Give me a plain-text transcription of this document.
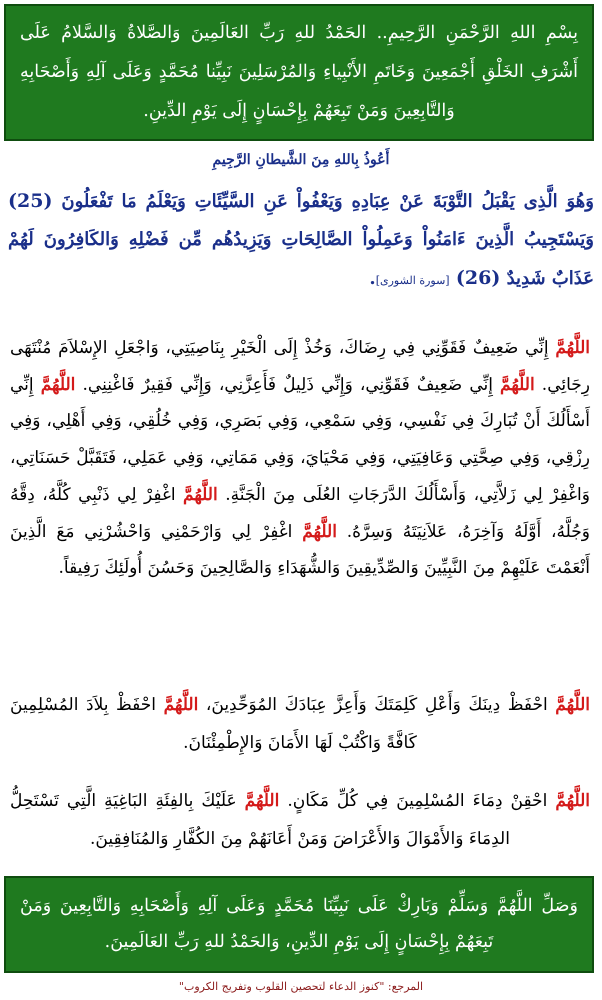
بِسْمِ اللهِ الرَّحْمَنِ الرَّحِيمِ.. الحَمْدُ للهِ رَبِّ العَالَمِينَ وَالصَّلاةُ وَالسَّلامُ عَلَى أَشْرَفِ الخَلْقِ أَجْمَعِينَ وَخَاتَمِ الأَنْبِياءِ وَالمُرْسَلِينَ نَبِيِّنا مُحَمَّدٍ وَعَلَى آلِهِ وَأَصْحَابِهِ وَالتَّابِعِينَ وَمَنْ تَبِعَهُمْ بِإِحْسَانٍ إِلَى يَوْمِ الدِّينِ.
أَعُوذُ بِاللهِ مِنَ الشَّيطانِ الرَّجِيمِ
وَهُوَ الَّذِى يَقْبَلُ التَّوْبَةَ عَنْ عِبَادِهِ وَيَعْفُواْ عَنِ السَّيِّئَاتِ وَيَعْلَمُ مَا تَفْعَلُونَ (25) وَيَسْتَجِيبُ الَّذِينَ ءَامَنُواْ وَعَمِلُواْ الصَّالِحَاتِ وَيَزِيدُهُم مِّن فَضْلِهِ وَالكَافِرُونَ لَهُمْ عَذَابٌ شَدِيدٌ (26) [سورة الشورى].
اللَّهُمَّ إِنِّي ضَعِيفٌ فَقَوِّنِي فِي رِضَاكَ، وَخُذْ إِلَى الْخَيْرِ بِنَاصِيَتِي، وَاجْعَلِ الإِسْلاَمَ مُنْتَهَى رِجَائِي. اللَّهُمَّ إِنِّي ضَعِيفٌ فَقَوِّنِي، وَإِنِّي ذَلِيلٌ فَأَعِزَّنِي، وَإِنِّي فَقِيرٌ فَاغْنِنِي. اللَّهُمَّ إِنِّي أَسْأَلُكَ أَنْ تُبَارِكَ فِي نَفْسِي، وَفِي سَمْعِي، وَفِي بَصَرِي، وَفِي خُلُقِي، وَفِي أَهْلِي، وَفِي رِزْقِي، وَفِي صِحَّتِي وَعَافِيَتِي، وَفِي مَحْيَايَ، وَفِي مَمَاتِي، وَفِي عَمَلِي، فَتَقَبَّلْ حَسَنَاتِي، وَاغْفِرْ لِي زَلاَّتِي، وَأَسْأَلُكَ الدَّرَجَاتِ العُلَى مِنَ الْجَنَّةِ. اللَّهُمَّ اغْفِرْ لِي ذَنْبِي كُلَّهُ، دِقَّهُ وَجُلَّهُ، أَوَّلَهُ وَآخِرَهُ، عَلاَنِيَتَهُ وَسِرَّهُ. اللَّهُمَّ اغْفِرْ لِي وَارْحَمْنِي وَاحْشُرْنِي مَعَ الَّذِينَ أَنْعَمْتَ عَلَيْهِمْ مِنَ النَّبِيِّينَ وَالصِّدِّيقِينَ وَالشُّهَدَاءِ وَالصَّالِحِينَ وَحَسُنَ أُولَئِكَ رَفِيقاً.
اللَّهُمَّ احْفَظْ دِينَكَ وَأَعْلِ كَلِمَتَكَ وَأَعِزَّ عِبَادَكَ المُوَحِّدِينَ، اللَّهُمَّ احْفَظْ بِلاَدَ المُسْلِمِينَ كَافَّةً وَاكْتُبْ لَهَا الأَمَانَ وَالإِطْمِئْنَانَ.
اللَّهُمَّ احْقِنْ دِمَاءَ المُسْلِمِينَ فِي كُلِّ مَكَانٍ. اللَّهُمَّ عَلَيْكَ بِالفِئَةِ البَاغِيَةِ الَّتِي تَسْتَحِلُّ الدِمَاءَ وَالأَمْوَالَ وَالأَعْرَاضَ وَمَنْ أَعَانَهُمْ مِنَ الكُفَّارِ وَالمُنَافِقِينَ.
وَصَلِّ اللَّهُمَّ وَسَلِّمْ وَبَارِكْ عَلَى نَبِيِّنَا مُحَمَّدٍ وَعَلَى آلِهِ وَأَصْحَابِهِ وَالتَّابِعِينَ وَمَنْ تَبِعَهُمْ بِإِحْسَانٍ إِلَى يَوْمِ الدِّينِ، وَالحَمْدُ للهِ رَبِّ العَالَمِينَ.
المرجع: "كنوز الدعاء لتحصين القلوب وتفريج الكروب"
